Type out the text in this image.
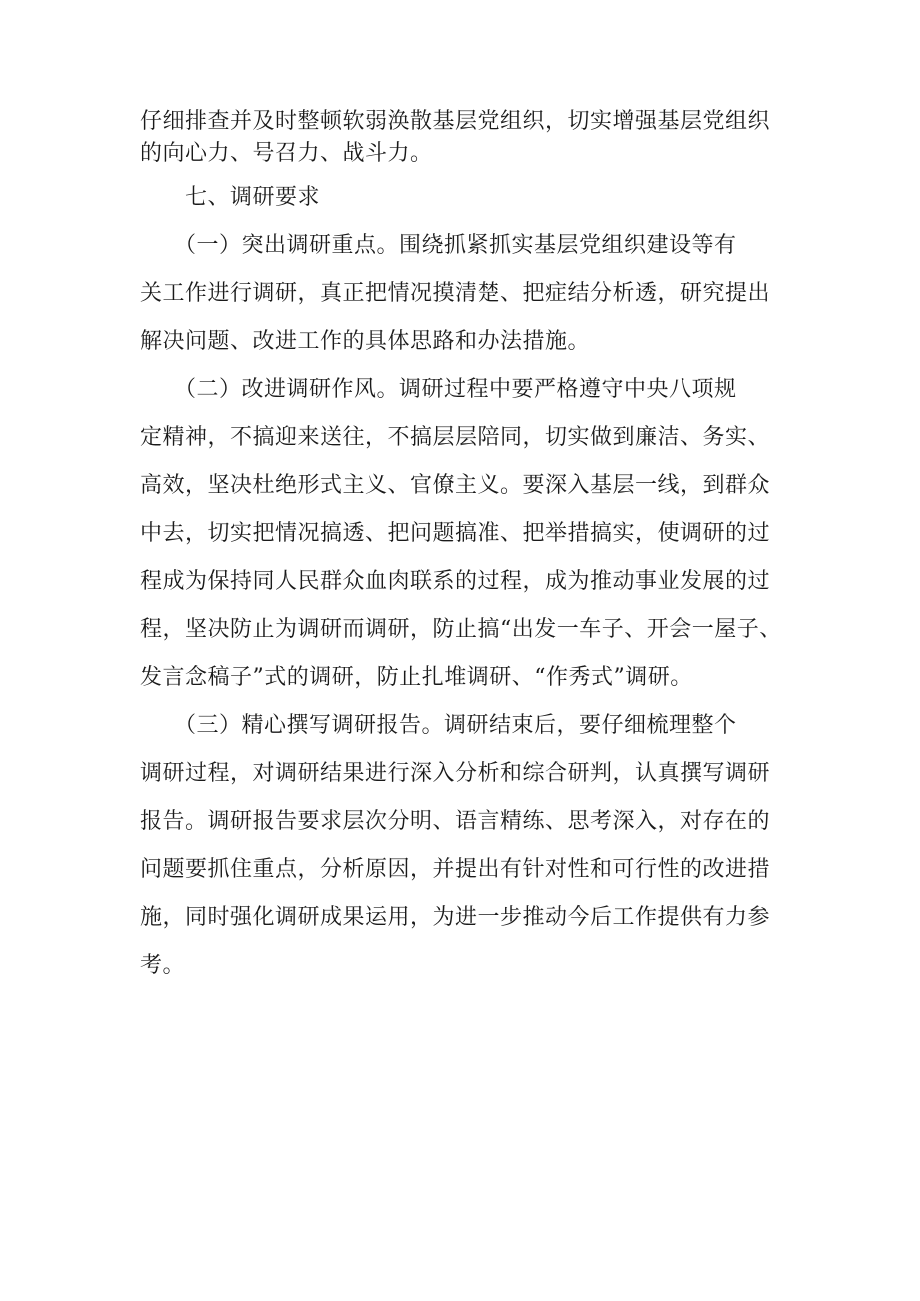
仔细排查并及时整顿软弱涣散基层党组织，切实增强基层党组织
的向心力、号召力、战斗力。
　　七、调研要求
　　（一）突出调研重点。围绕抓紧抓实基层党组织建设等有
关工作进行调研，真正把情况摸清楚、把症结分析透，研究提出
解决问题、改进工作的具体思路和办法措施。
　　（二）改进调研作风。调研过程中要严格遵守中央八项规
定精神，不搞迎来送往，不搞层层陪同，切实做到廉洁、务实、
高效，坚决杜绝形式主义、官僚主义。要深入基层一线，到群众
中去，切实把情况搞透、把问题搞准、把举措搞实，使调研的过
程成为保持同人民群众血肉联系的过程，成为推动事业发展的过
程，坚决防止为调研而调研，防止搞“出发一车子、开会一屋子、
发言念稿子”式的调研，防止扎堆调研、“作秀式”调研。
　　（三）精心撰写调研报告。调研结束后，要仔细梳理整个
调研过程，对调研结果进行深入分析和综合研判，认真撰写调研
报告。调研报告要求层次分明、语言精练、思考深入，对存在的
问题要抓住重点，分析原因，并提出有针对性和可行性的改进措
施，同时强化调研成果运用，为进一步推动今后工作提供有力参
考。
